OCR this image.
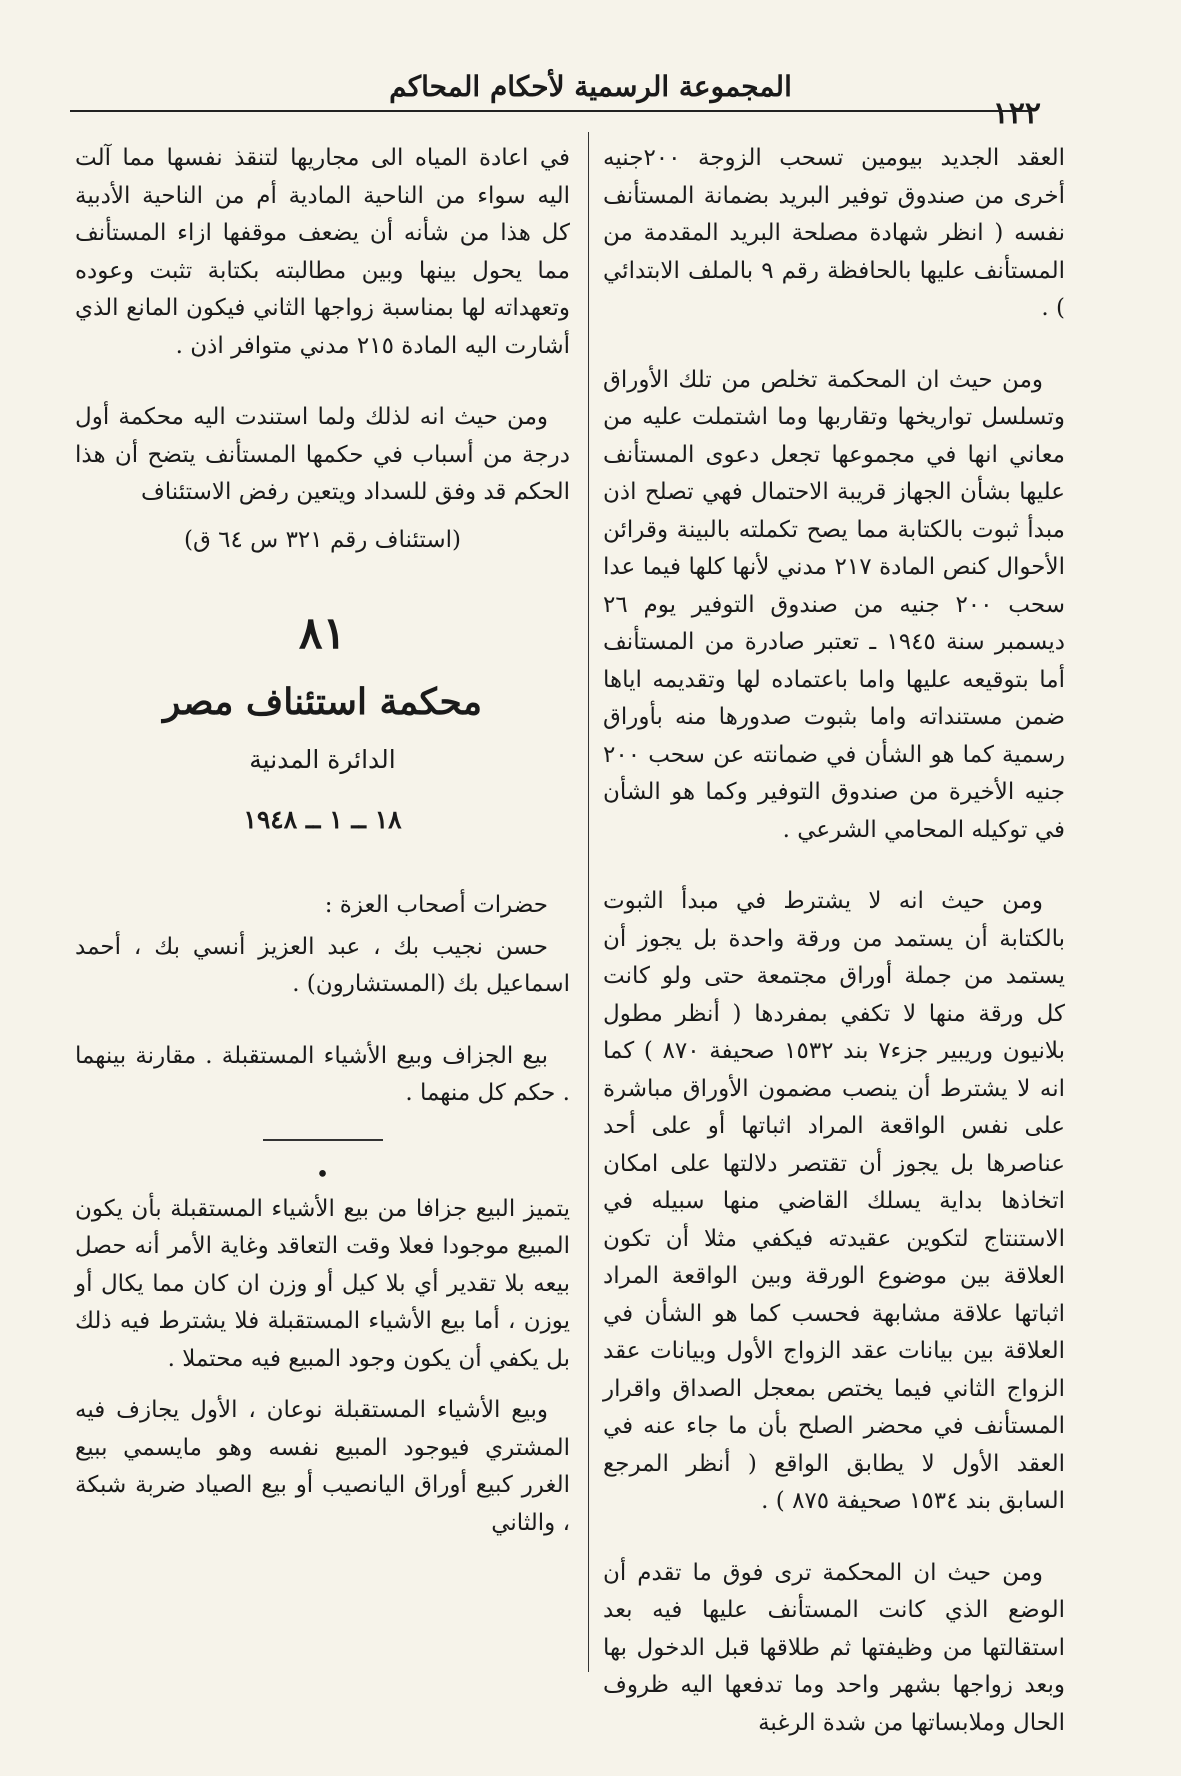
المجموعة الرسمية لأحكام المحاكم
١٢٢

العقد الجديد بيومين تسحب الزوجة ٢٠٠جنيه أخرى من صندوق توفير البريد بضمانة المستأنف نفسه ( انظر شهادة مصلحة البريد المقدمة من المستأنف عليها بالحافظة رقم ٩ بالملف الابتدائي ) .

ومن حيث ان المحكمة تخلص من تلك الأوراق وتسلسل تواريخها وتقاربها وما اشتملت عليه من معاني انها في مجموعها تجعل دعوى المستأنف عليها بشأن الجهاز قريبة الاحتمال فهي تصلح اذن مبدأ ثبوت بالكتابة مما يصح تكملته بالبينة وقرائن الأحوال كنص المادة ٢١٧ مدني لأنها كلها فيما عدا سحب ٢٠٠ جنيه من صندوق التوفير يوم ٢٦ ديسمبر سنة ١٩٤٥ ـ تعتبر صادرة من المستأنف أما بتوقيعه عليها واما باعتماده لها وتقديمه اياها ضمن مستنداته واما بثبوت صدورها منه بأوراق رسمية كما هو الشأن في ضمانته عن سحب ٢٠٠ جنيه الأخيرة من صندوق التوفير وكما هو الشأن في توكيله المحامي الشرعي .

ومن حيث انه لا يشترط في مبدأ الثبوت بالكتابة أن يستمد من ورقة واحدة بل يجوز أن يستمد من جملة أوراق مجتمعة حتى ولو كانت كل ورقة منها لا تكفي بمفردها ( أنظر مطول بلانيون وريبير جزء٧ بند ١٥٣٢ صحيفة ٨٧٠ ) كما انه لا يشترط أن ينصب مضمون الأوراق مباشرة على نفس الواقعة المراد اثباتها أو على أحد عناصرها بل يجوز أن تقتصر دلالتها على امكان اتخاذها بداية يسلك القاضي منها سبيله في الاستنتاج لتكوين عقيدته فيكفي مثلا أن تكون العلاقة بين موضوع الورقة وبين الواقعة المراد اثباتها علاقة مشابهة فحسب كما هو الشأن في العلاقة بين بيانات عقد الزواج الأول وبيانات عقد الزواج الثاني فيما يختص بمعجل الصداق واقرار المستأنف في محضر الصلح بأن ما جاء عنه في العقد الأول لا يطابق الواقع ( أنظر المرجع السابق بند ١٥٣٤ صحيفة ٨٧٥ ) .

ومن حيث ان المحكمة ترى فوق ما تقدم أن الوضع الذي كانت المستأنف عليها فيه بعد استقالتها من وظيفتها ثم طلاقها قبل الدخول بها وبعد زواجها بشهر واحد وما تدفعها اليه ظروف الحال وملابساتها من شدة الرغبة

في اعادة المياه الى مجاريها لتنقذ نفسها مما آلت اليه سواء من الناحية المادية أم من الناحية الأدبية كل هذا من شأنه أن يضعف موقفها ازاء المستأنف مما يحول بينها وبين مطالبته بكتابة تثبت وعوده وتعهداته لها بمناسبة زواجها الثاني فيكون المانع الذي أشارت اليه المادة ٢١٥ مدني متوافر اذن .

ومن حيث انه لذلك ولما استندت اليه محكمة أول درجة من أسباب في حكمها المستأنف يتضح أن هذا الحكم قد وفق للسداد ويتعين رفض الاستئناف

(استئناف رقم ٣٢١ س ٦٤ ق)
٨١
محكمة استئناف مصر
الدائرة المدنية
١٨ ــ ١ ــ ١٩٤٨

حضرات أصحاب العزة :

حسن نجيب بك ، عبد العزيز أنسي بك ، أحمد اسماعيل بك (المستشارون) .

بيع الجزاف وبيع الأشياء المستقبلة . مقارنة بينهما . حكم كل منهما .

•

يتميز البيع جزافا من بيع الأشياء المستقبلة بأن يكون المبيع موجودا فعلا وقت التعاقد وغاية الأمر أنه حصل بيعه بلا تقدير أي بلا كيل أو وزن ان كان مما يكال أو يوزن ، أما بيع الأشياء المستقبلة فلا يشترط فيه ذلك بل يكفي أن يكون وجود المبيع فيه محتملا .

وبيع الأشياء المستقبلة نوعان ، الأول يجازف فيه المشتري فيوجود المبيع نفسه وهو مايسمي ببيع الغرر كبيع أوراق اليانصيب أو بيع الصياد ضربة شبكة ، والثاني
